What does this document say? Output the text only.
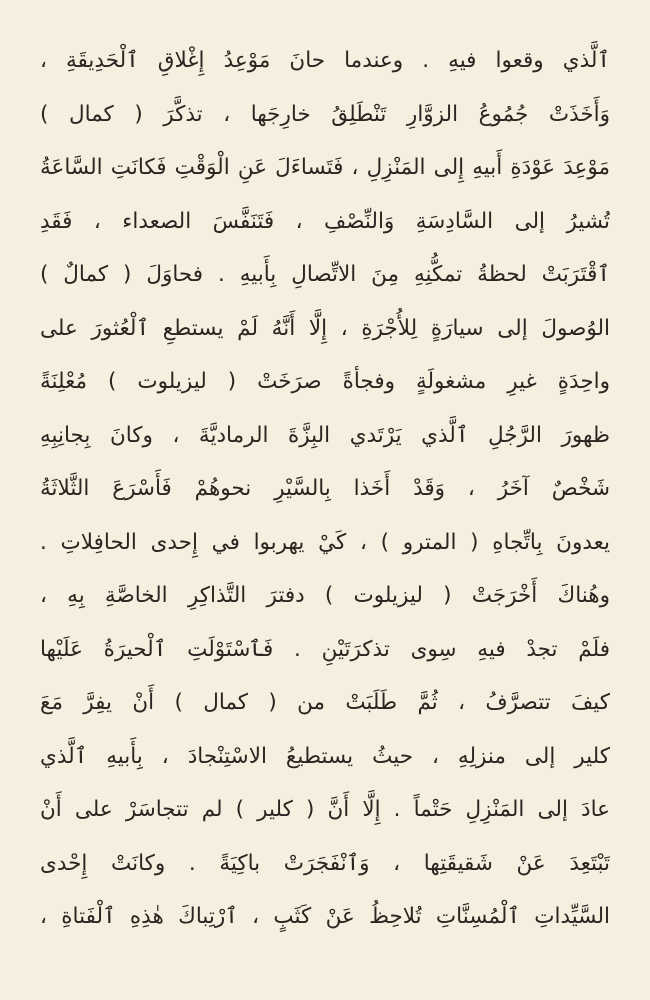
ٱلَّذي وقعوا فيهِ . وعندما حانَ مَوْعِدُ إِغْلاقِ ٱلْحَدِيقَةِ ،
وَأَخَذَتْ جُمُوعُ الزوَّارِ تَنْطَلِقُ خارِجَها ، تذكَّرَ ( كمال )
مَوْعِدَ عَوْدَةِ أَبيهِ إِلى المَنْزِلِ ، فَتَساءَلَ عَنِ الْوَقْتِ فَكانَتِ السَّاعَةُ
تُشيرُ إلى السَّادِسَةِ وَالنِّصْفِ ، فَتَنَفَّسَ الصعداء ، فَقَدِ
ٱقْتَرَبَتْ لحظةُ تمكُّنِهِ مِنَ الاتِّصالِ بِأَبيهِ . فحاوَلَ ( كمالٌ )
الوُصولَ إلى سيارَةٍ لِلأُجْرَةِ ، إِلَّا أَنَّهُ لَمْ يستطعِ ٱلْعُثورَ على
واحِدَةٍ غيرِ مشغولَةٍ وفجأةً صرَخَتْ ( ليزيلوت ) مُعْلِنَةً
ظهورَ الرَّجُلِ ٱلَّذي يَرْتَدي البِزَّةَ الرماديَّةَ ، وكانَ بِجانِبِهِ
شَخْصٌ آخَرُ ، وَقَدْ أَخَذا بِالسَّيْرِ نحوهُمْ فَأَسْرَعَ الثَّلاثَةُ
يعدونَ بِاتِّجاهِ ( المترو ) ، كَيْ يهربوا في إِحدى الحافِلاتِ .
وهُناكَ أَخْرَجَتْ ( ليزيلوت ) دفترَ التَّذاكِرِ الخاصَّةِ بِهِ ،
فلَمْ تجدْ فيهِ سِوى تذكرَتَيْنِ . فَٱسْتَوْلَتِ ٱلْحيرَةُ عَلَيْها
كيفَ تتصرَّفُ ، ثُمَّ طَلَبَتْ من ( كمال ) أَنْ يفِرَّ مَعَ
كلير إلى منزلِهِ ، حيثُ يستطيعُ الاسْتِنْجادَ ، بِأَبيهِ ٱلَّذي
عادَ إلى المَنْزِلِ حَتْماً . إِلَّا أَنَّ ( كلير ) لم تتجاسَرْ على أَنْ
تَبْتَعِدَ عَنْ شَقيقَتِها ، وَٱنْفَجَرَتْ باكِيَةً . وكانَتْ إِحْدى
السَّيِّداتِ ٱلْمُسِنَّاتِ تُلاحِظُ عَنْ كَثَبٍ ، ٱرْتِباكَ هٰذِهِ ٱلْفَتاةِ ،
